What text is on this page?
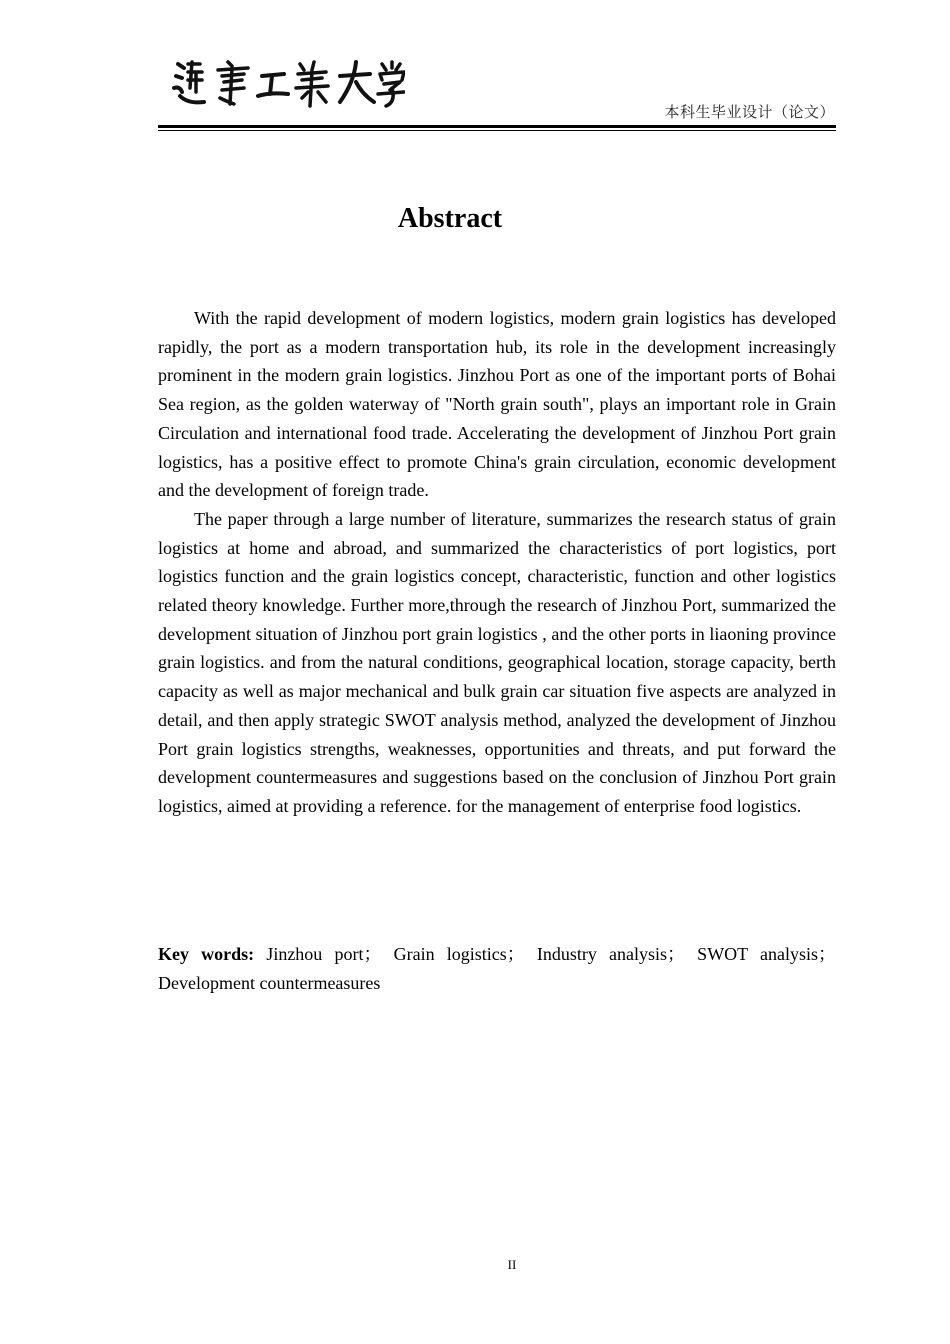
本科生毕业设计（论文）
Abstract

With the rapid development of modern logistics, modern grain logistics has developed rapidly, the port as a modern transportation hub, its role in the development increasingly prominent in the modern grain logistics. Jinzhou Port as one of the important ports of Bohai Sea region, as the golden waterway of "North grain south", plays an important role in Grain Circulation and international food trade. Accelerating the development of Jinzhou Port grain logistics, has a positive effect to promote China's grain circulation, economic development and the development of foreign trade.

The paper through a large number of literature, summarizes the research status of grain logistics at home and abroad, and summarized the characteristics of port logistics, port logistics function and the grain logistics concept, characteristic, function and other logistics related theory knowledge. Further more,through the research of Jinzhou Port, summarized the development situation of Jinzhou port grain logistics , and the other ports in liaoning province grain logistics. and from the natural conditions, geographical location, storage capacity, berth capacity as well as major mechanical and bulk grain car situation five aspects are analyzed in detail, and then apply strategic SWOT analysis method, analyzed the development of Jinzhou Port grain logistics strengths, weaknesses, opportunities and threats, and put forward the development countermeasures and suggestions based on the conclusion of Jinzhou Port grain logistics, aimed at providing a reference. for the management of enterprise food logistics.

Key words: Jinzhou port； Grain logistics； Industry analysis； SWOT analysis；Development countermeasures
II
